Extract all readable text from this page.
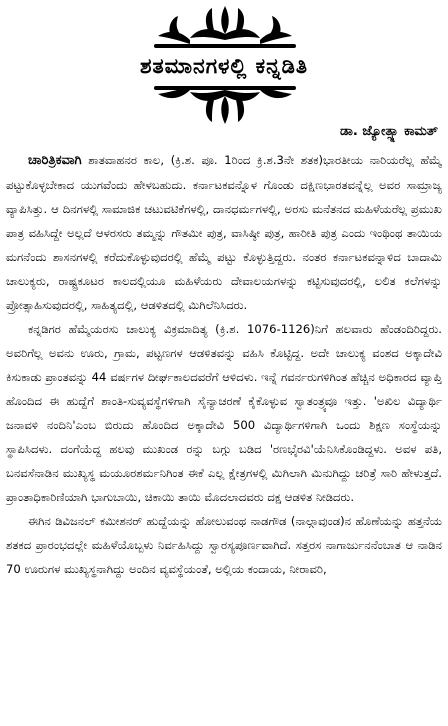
ಶತಮಾನಗಳಲ್ಲಿ ಕನ್ನಡಿತಿ
ಡಾ. ಜ್ಯೋತ್ಸ್ನಾ ಕಾಮತ್

ಚಾರಿತ್ರಿಕವಾಗಿ ಶಾತವಾಹನರ ಕಾಲ, (ಕ್ರಿ.ಶ. ಪೂ. 1ರಿಂದ ಕ್ರಿ.ಶ.3ನೇ ಶತಕ)ಭಾರತೀಯ ನಾರಿಯರೆಲ್ಲ ಹೆಮ್ಮೆ ಪಟ್ಟುಕೊಳ್ಳಬೇಕಾದ ಯುಗವೆಂದು ಹೇಳಬಹುದು. ಕರ್ನಾಟಕವನ್ನೊಳ ಗೊಂಡು ದಕ್ಷಿಣಭಾರತವನ್ನೆಲ್ಲ ಅವರ ಸಾಮ್ರಾಜ್ಯ ವ್ಯಾಪಿಸಿತ್ತು. ಆ ದಿನಗಳಲ್ಲಿ ಸಾಮಾಜಿಕ ಚಟುವಟಿಕೆಗಳಲ್ಲಿ, ದಾನಧರ್ಮಗಳಲ್ಲಿ, ಅರಸು ಮನೆತನದ ಮಹಿಳೆಯರೆಲ್ಲ ಪ್ರಮುಖ ಪಾತ್ರ ವಹಿಸಿದ್ದೇ ಅಲ್ಲದೆ ಆಳರಸರು ತಮ್ಮನ್ನು ಗೌತಮೀ ಪುತ್ರ, ವಾಸಿಷ್ಠೀ ಪುತ್ರ, ಹಾರೀತಿ ಪುತ್ರ ಎಂದು ಇಂಥಿಂಥ ತಾಯಿಯ ಮಗನೆಂದು ಶಾಸನಗಳಲ್ಲಿ ಕರೆದುಕೊಳ್ಳುವುದರಲ್ಲಿ ಹೆಮ್ಮೆ ಪಟ್ಟು ಕೊಳ್ಳುತ್ತಿದ್ದರು. ನಂತರ ಕರ್ನಾಟಕವನ್ನಾಳಿದ ಬಾದಾಮಿ ಚಾಲುಕ್ಯರು, ರಾಷ್ಟ್ರಕೂಟರ ಕಾಲದಲ್ಲಿಯೂ ಮಹಿಳೆಯರು ದೇವಾಲಯಗಳನ್ನು ಕಟ್ಟಿಸುವುದರಲ್ಲಿ, ಲಲಿತ ಕಲೆಗಳನ್ನು ಪ್ರೋತ್ಸಾಹಿಸುವುದರಲ್ಲಿ, ಸಾಹಿತ್ಯದಲ್ಲಿ, ಆಡಳಿತದಲ್ಲಿ ಮಿಗಿಲೆನಿಸಿದರು.

ಕನ್ನಡಿಗರ ಹೆಮ್ಮೆಯರಸು ಚಾಲುಕ್ಯ ವಿಕ್ರಮಾದಿತ್ಯ (ಕ್ರಿ.ಶ. 1076-1126)ನಿಗೆ ಹಲವಾರು ಹೆಂಡಂದಿರಿದ್ದರು. ಅವರಿಗೆಲ್ಲ ಅವನು ಊರು, ಗ್ರಾಮ, ಪಟ್ಟಣಗಳ ಆಡಳಿತವನ್ನು ವಹಿಸಿ ಕೊಟ್ಟಿದ್ದ. ಅದೇ ಚಾಲುಕ್ಯ ವಂಶದ ಅಕ್ಕಾದೇವಿ ಕಿಸುಕಾಡು ಪ್ರಾಂತವನ್ನು 44 ವರ್ಷಗಳ ದೀರ್ಘಕಾಲದವರೆಗೆ ಆಳಿದಳು. ಇನ್ನೆ ಗವರ್ನರುಗಳಿಗಿಂತ ಹೆಚ್ಚಿನ ಅಧಿಕಾರದ ವ್ಯಾಪ್ತಿ ಹೊಂದಿದ ಈ ಹುದ್ದೆಗೆ ಶಾಂತಿ-ಸುವ್ಯವಸ್ಥೆಗಳಿಗಾಗಿ ಸೈನ್ಯಾಚರಣೆ ಕೈಕೊಳ್ಳುವ ಸ್ವಾತಂತ್ರ್ಯವೂ ಇತ್ತು. 'ಅಖಿಲ ವಿದ್ಯಾರ್ಥಿ ಜನಾವಳಿ ನಂದಿನಿ'ಎಂಬ ಬಿರುದು ಹೊಂದಿದ ಅಕ್ಕಾದೇವಿ 500 ವಿದ್ಯಾರ್ಥಿಗಳಿಗಾಗಿ ಒಂದು ಶಿಕ್ಷಣ ಸಂಸ್ಥೆಯನ್ನು ಸ್ಥಾಪಿಸಿದಳು. ದಂಗೆಯೆದ್ದ ಹಲವು ಮುಖಂಡ ರನ್ನು ಬಗ್ಗು ಬಡಿದ 'ರಣಭೈರವಿ'ಯೆನಿಸಿಕೊಂಡಿದ್ದಳು. ಅವಳ ಪತಿ, ಬನವಸೆನಾಡಿನ ಮುಖ್ಯಸ್ಥ ಮಯೂರಶರ್ಮನಿಗಿಂತ ಈಕೆ ಎಲ್ಲ ಕ್ಷೇತ್ರಗಳಲ್ಲಿ ಮಿಗಿಲಾಗಿ ಮಿನುಗಿದ್ದು ಚರಿತ್ರೆ ಸಾರಿ ಹೇಳುತ್ತದೆ. ಪ್ರಾಂತಾಧಿಕಾರಿಣಿಯಾಗಿ ಭಾಗುಬಾಯಿ, ಚಿಕಾಯಿ ತಾಯಿ ಮೊದಲಾದವರು ದಕ್ಷ ಆಡಳಿತ ನೀಡಿದರು.

ಈಗಿನ ಡಿವಿಜನಲ್ ಕಮೀಶನರ್ ಹುದ್ದೆಯನ್ನು ಹೋಲುವಂಥ ನಾಡಗೌಡ (ನಾಲ್ಗಾವುಂಡ)ನ ಹೊಣೆಯನ್ನು ಹತ್ತನೆಯ ಶತಕದ ಪ್ರಾರಂಭದಲ್ಲೇ ಮಹಿಳೆಯೊಬ್ಬಳು ನಿರ್ವಹಿಸಿದ್ದು ಸ್ವಾರಸ್ಯಪೂರ್ಣವಾಗಿದೆ. ಸತ್ತರಸ ನಾಗಾರ್ಜುನನೆಂಬಾತ ಆ ನಾಡಿನ 70 ಊರುಗಳ ಮುಖ್ಯಸ್ಥನಾಗಿದ್ದು ಅಂದಿನ ವ್ಯವಸ್ಥೆಯಂತೆ, ಅಲ್ಲಿಯ ಕಂದಾಯ, ನೀರಾವರಿ,
